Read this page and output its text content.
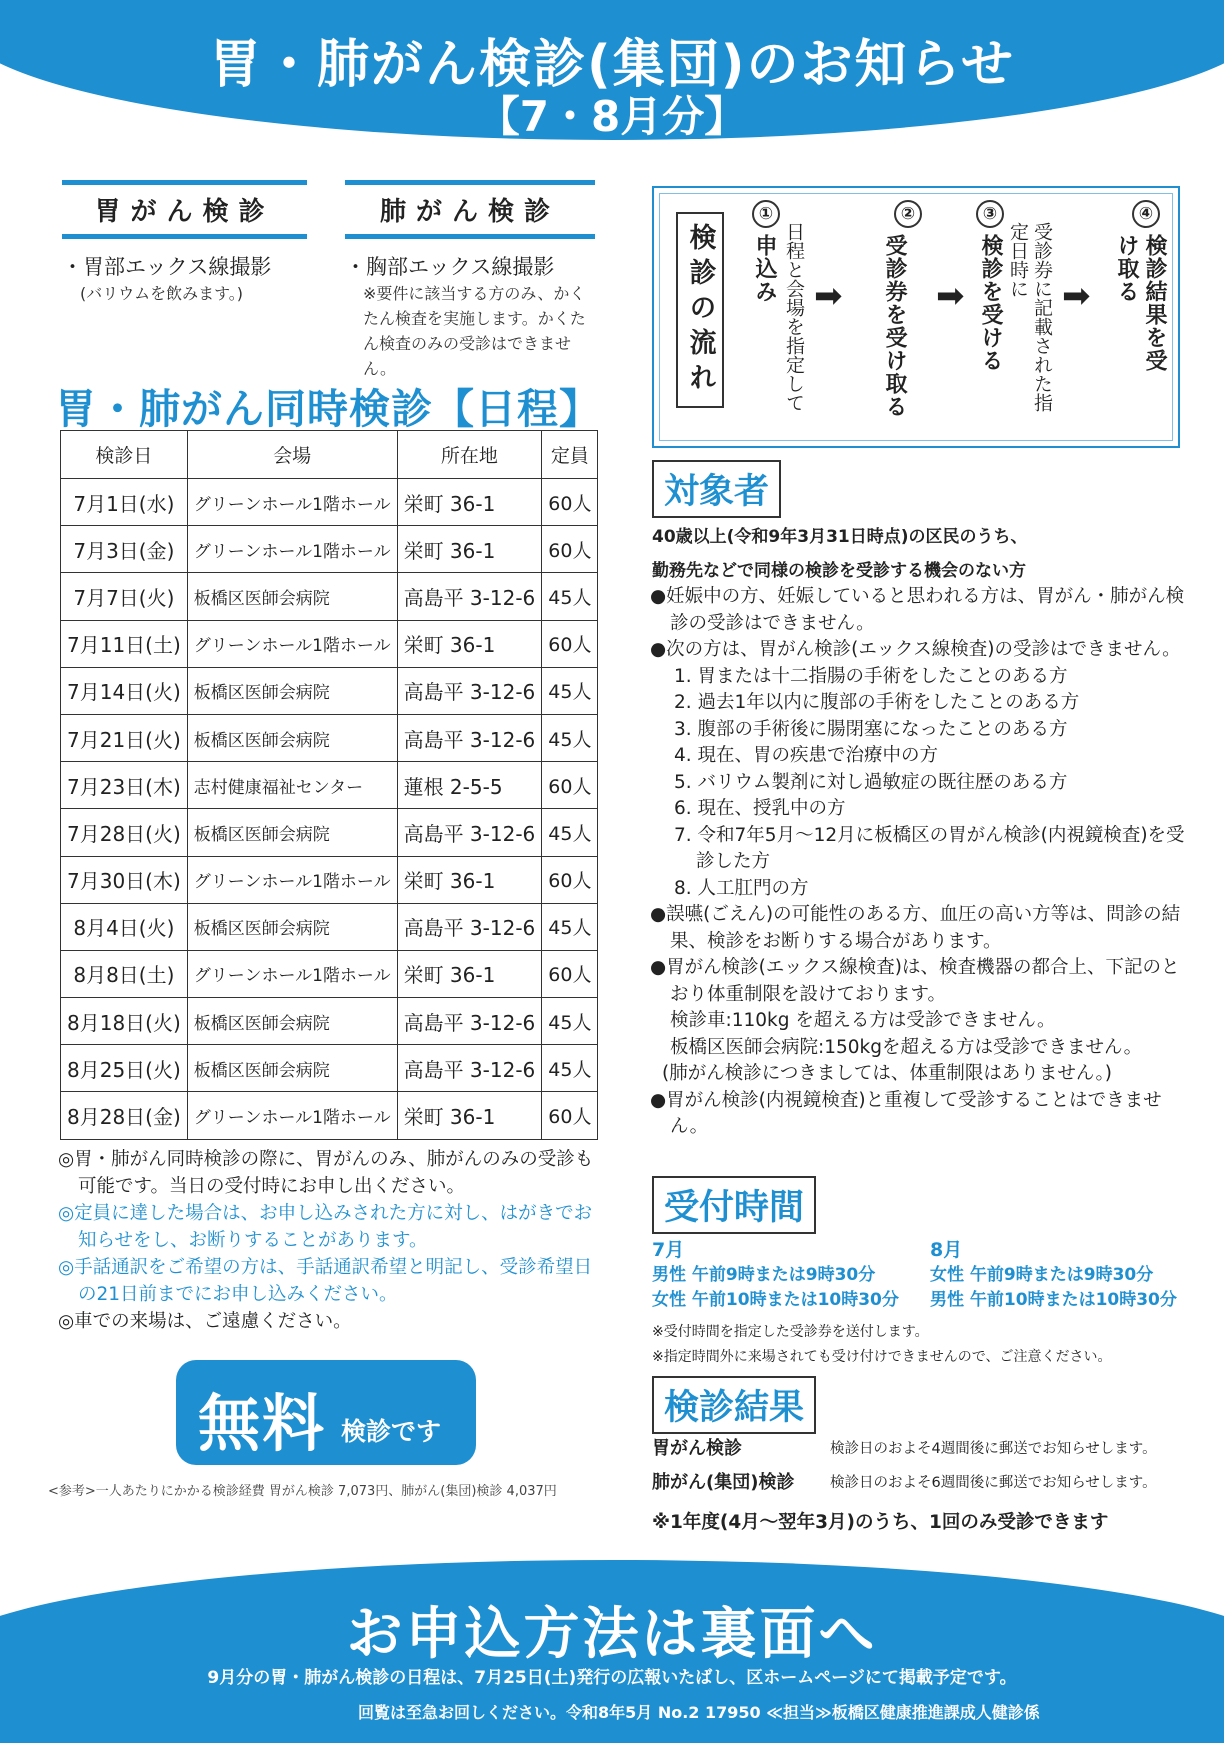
胃・肺がん検診(集団)のお知らせ
【7・8月分】
胃がん検診
・胃部エックス線撮影
(バリウムを飲みます。)
肺がん検診
・胸部エックス線撮影
※要件に該当する方のみ、かくたん検査を実施します。かくたん検査のみの受診はできません。
胃・肺がん同時検診【日程】
検診日	会場	所在地	定員
7月1日(水)	グリーンホール1階ホール	栄町 36-1	60人
7月3日(金)	グリーンホール1階ホール	栄町 36-1	60人
7月7日(火)	板橋区医師会病院	高島平 3-12-6	45人
7月11日(土)	グリーンホール1階ホール	栄町 36-1	60人
7月14日(火)	板橋区医師会病院	高島平 3-12-6	45人
7月21日(火)	板橋区医師会病院	高島平 3-12-6	45人
7月23日(木)	志村健康福祉センター	蓮根 2-5-5	60人
7月28日(火)	板橋区医師会病院	高島平 3-12-6	45人
7月30日(木)	グリーンホール1階ホール	栄町 36-1	60人
8月4日(火)	板橋区医師会病院	高島平 3-12-6	45人
8月8日(土)	グリーンホール1階ホール	栄町 36-1	60人
8月18日(火)	板橋区医師会病院	高島平 3-12-6	45人
8月25日(火)	板橋区医師会病院	高島平 3-12-6	45人
8月28日(金)	グリーンホール1階ホール	栄町 36-1	60人
◎胃・肺がん同時検診の際に、胃がんのみ、肺がんのみの受診も可能です。当日の受付時にお申し出ください。
◎定員に達した場合は、お申し込みされた方に対し、はがきでお知らせをし、お断りすることがあります。
◎手話通訳をご希望の方は、手話通訳希望と明記し、受診希望日の21日前までにお申し込みください。
◎車での来場は、ご遠慮ください。
無料 検診です
<参考>一人あたりにかかる検診経費 胃がん検診 7,073円、肺がん(集団)検診 4,037円
検診の流れ
①
申込み 日程と会場を指定して ➡
②
受診券を受け取る ➡
③
検診を受ける	受診券に記載された指定日時に ➡
④
検診結果を受け取る
対象者
40歳以上(令和9年3月31日時点)の区民のうち、
勤務先などで同様の検診を受診する機会のない方
●妊娠中の方、妊娠していると思われる方は、胃がん・肺がん検診の受診はできません。
●次の方は、胃がん検診(エックス線検査)の受診はできません。
1. 胃または十二指腸の手術をしたことのある方
2. 過去1年以内に腹部の手術をしたことのある方
3. 腹部の手術後に腸閉塞になったことのある方
4. 現在、胃の疾患で治療中の方
5. バリウム製剤に対し過敏症の既往歴のある方
6. 現在、授乳中の方
7. 令和7年5月～12月に板橋区の胃がん検診(内視鏡検査)を受診した方
8. 人工肛門の方
●誤嚥(ごえん)の可能性のある方、血圧の高い方等は、問診の結果、検診をお断りする場合があります。
●胃がん検診(エックス線検査)は、検査機器の都合上、下記のとおり体重制限を設けております。
検診車:110kg を超える方は受診できません。
板橋区医師会病院:150kgを超える方は受診できません。
(肺がん検診につきましては、体重制限はありません。)
●胃がん検診(内視鏡検査)と重複して受診することはできません。
受付時間
7月
男性 午前9時または9時30分
女性 午前10時または10時30分
8月
女性 午前9時または9時30分
男性 午前10時または10時30分
※受付時間を指定した受診券を送付します。
※指定時間外に来場されても受け付けできませんので、ご注意ください。
検診結果
胃がん検診	検診日のおよそ4週間後に郵送でお知らせします。
肺がん(集団)検診 検診日のおよそ6週間後に郵送でお知らせします。
※1年度(4月～翌年3月)のうち、1回のみ受診できます
お申込方法は裏面へ
9月分の胃・肺がん検診の日程は、7月25日(土)発行の広報いたばし、区ホームページにて掲載予定です。
回覧は至急お回しください。令和8年5月 No.2 17950 ≪担当≫板橋区健康推進課成人健診係
